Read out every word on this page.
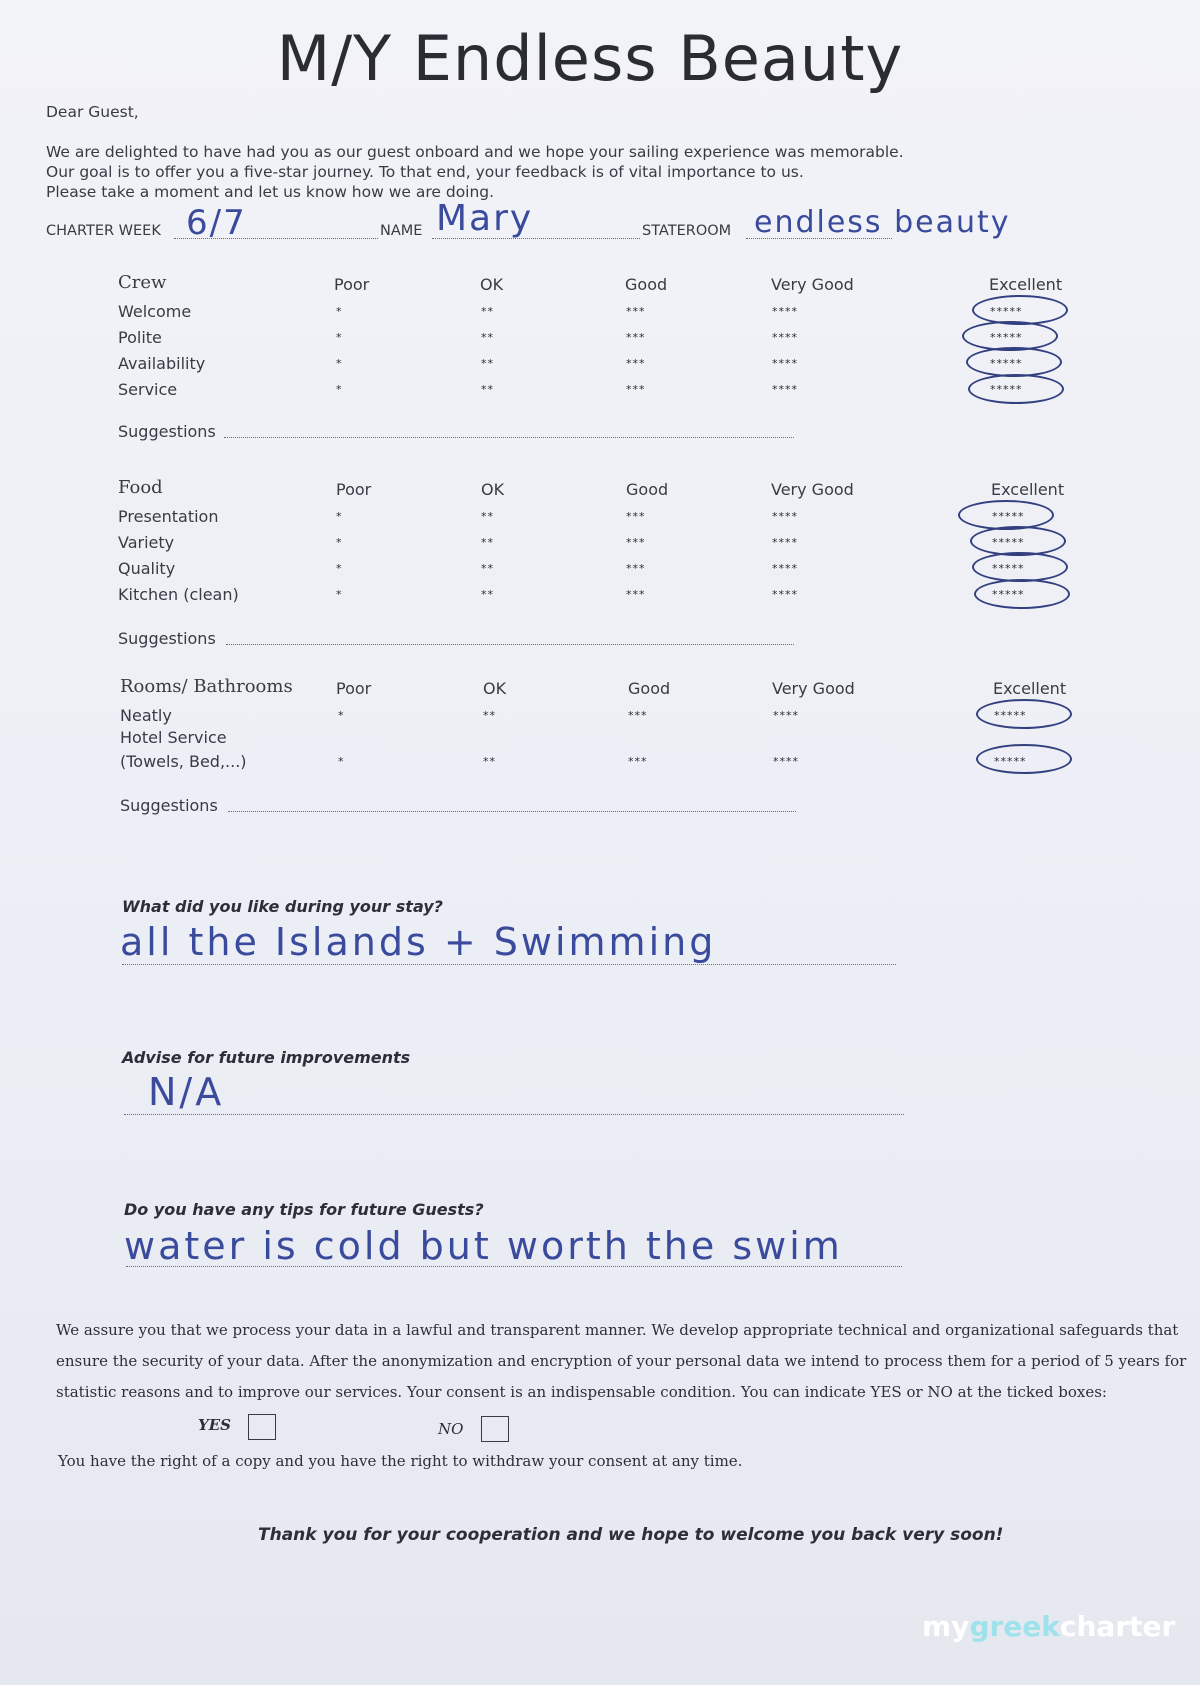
M/Y Endless Beauty
Dear Guest,
We are delighted to have had you as our guest onboard and we hope your sailing experience was memorable.
Our goal is to offer you a five-star journey. To that end, your feedback is of vital importance to us.
Please take a moment and let us know how we are doing.
CHARTER WEEK 6/7	NAME Mary	STATEROOM endless beauty
Crew	Poor	OK	Good	Very Good	Excellent
Welcome	*	**	***	****	*****
Polite	*	**	***	****	*****
Availability	*	**	***	****	*****
Service	*	**	***	****	*****
Suggestions
Food	Poor	OK	Good	Very Good	Excellent
Presentation	*	**	***	****	*****
Variety	*	**	***	****	*****
Quality	*	**	***	****	*****
Kitchen (clean)	*	**	***	****	*****
Suggestions
Rooms/ Bathrooms	Poor	OK	Good	Very Good	Excellent
Neatly	*	**	***	****	*****
Hotel Service
(Towels, Bed,...)	*	**	***	****	*****
Suggestions
What did you like during your stay?
all the Islands + Swimming
Advise for future improvements
N/A
Do you have any tips for future Guests?
water is cold but worth the swim
We assure you that we process your data in a lawful and transparent manner. We develop appropriate technical and organizational safeguards that
ensure the security of your data. After the anonymization and encryption of your personal data we intend to process them for a period of 5 years for
statistic reasons and to improve our services. Your consent is an indispensable condition. You can indicate YES or NO at the ticked boxes:
YES	NO
You have the right of a copy and you have the right to withdraw your consent at any time.
Thank you for your cooperation and we hope to welcome you back very soon!
mygreekcharter
